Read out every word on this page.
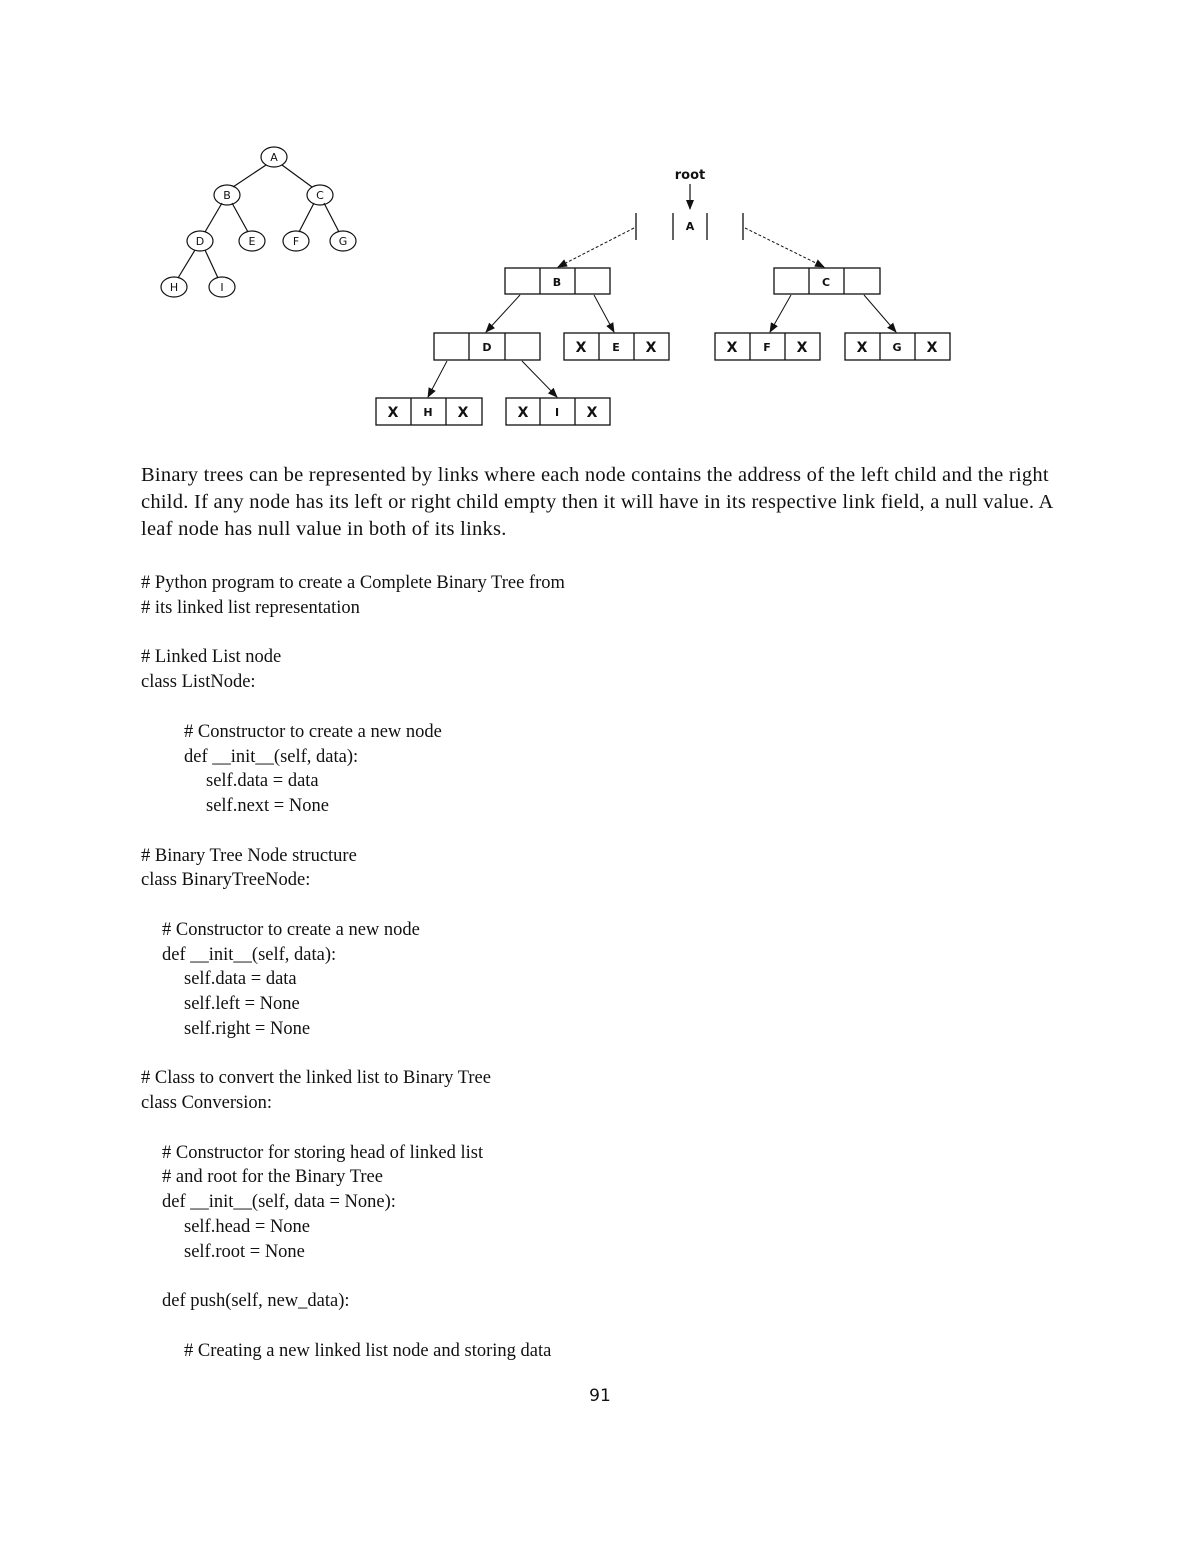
A
B	C
D	E	F	G
H	I
root
A
B	C
D	E	F	G
H	I
X	X	X	X	X	X
X	X	X	X

Binary trees can be represented by links where each node contains the address of the left child and the right child. If any node has its left or right child empty then it will have in its respective link field, a null value. A leaf node has null value in both of its links.

# Python program to create a Complete Binary Tree from
# its linked list representation
# Linked List node
class ListNode:
# Constructor to create a new node
def __init__(self, data):
self.data = data
self.next = None
# Binary Tree Node structure
class BinaryTreeNode:
# Constructor to create a new node
def __init__(self, data):
self.data = data
self.left = None
self.right = None
# Class to convert the linked list to Binary Tree
class Conversion:
# Constructor for storing head of linked list
# and root for the Binary Tree
def __init__(self, data = None):
self.head = None
self.root = None
def push(self, new_data):
# Creating a new linked list node and storing data
91
